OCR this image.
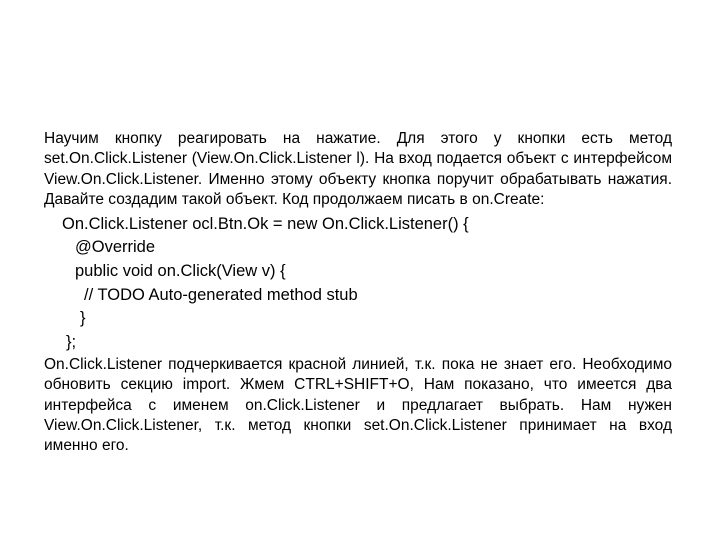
Научим кнопку реагировать на нажатие. Для этого у кнопки есть метод set.On.Click.Listener (View.On.Click.Listener l). На вход подается объект с интерфейсом View.On.Click.Listener. Именно этому объекту кнопка поручит обрабатывать нажатия. Давайте создадим такой объект. Код продолжаем писать в on.Create:

On.Click.Listener ocl.Btn.Ok = new On.Click.Listener() {
@Override
public void on.Click(View v) {
// TODO Auto-generated method stub
}
};

On.Click.Listener подчеркивается красной линией, т.к. пока не знает его. Необходимо обновить секцию import. Жмем CTRL+SHIFT+O, Нам показано, что имеется два интерфейса с именем on.Click.Listener и предлагает выбрать. Нам нужен View.On.Click.Listener, т.к. метод кнопки set.On.Click.Listener принимает на вход именно его.
